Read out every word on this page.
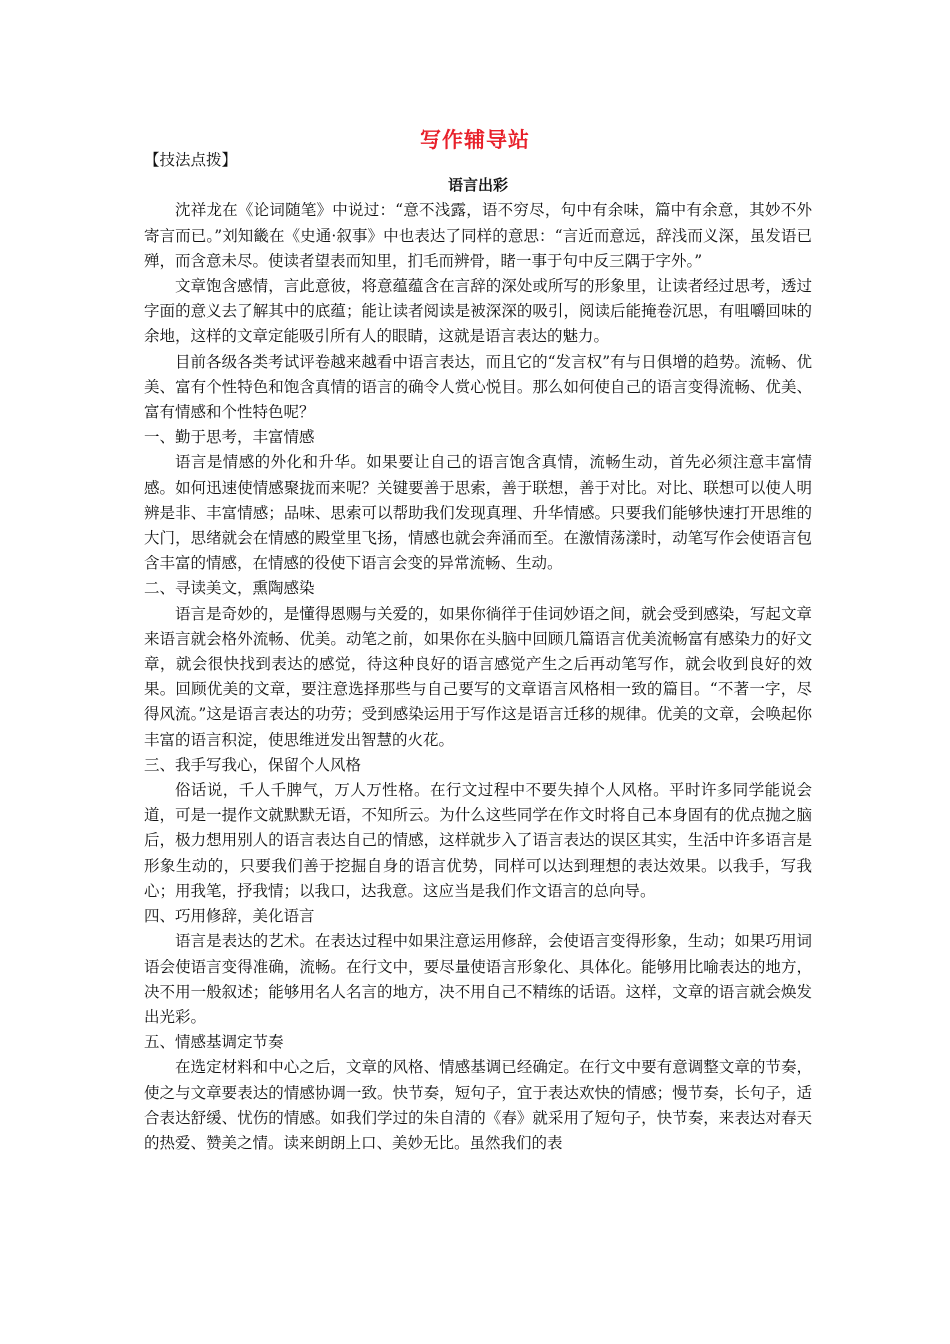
写作辅导站

【技法点拨】

语言出彩

沈祥龙在《论词随笔》中说过：“意不浅露，语不穷尽，句中有余味，篇中有余意，其妙不外寄言而已。”刘知畿在《史通·叙事》中也表达了同样的意思：“言近而意远，辞浅而义深，虽发语已殚，而含意未尽。使读者望表而知里，扪毛而辨骨，睹一事于句中反三隅于字外。”

文章饱含感情，言此意彼，将意蕴蕴含在言辞的深处或所写的形象里，让读者经过思考，透过字面的意义去了解其中的底蕴；能让读者阅读是被深深的吸引，阅读后能掩卷沉思，有咀嚼回味的余地，这样的文章定能吸引所有人的眼睛，这就是语言表达的魅力。

目前各级各类考试评卷越来越看中语言表达，而且它的“发言权”有与日俱增的趋势。流畅、优美、富有个性特色和饱含真情的语言的确令人赏心悦目。那么如何使自己的语言变得流畅、优美、富有情感和个性特色呢？

一、勤于思考，丰富情感

语言是情感的外化和升华。如果要让自己的语言饱含真情，流畅生动，首先必须注意丰富情感。如何迅速使情感聚拢而来呢？关键要善于思索，善于联想，善于对比。对比、联想可以使人明辨是非、丰富情感；品味、思索可以帮助我们发现真理、升华情感。只要我们能够快速打开思维的大门，思绪就会在情感的殿堂里飞扬，情感也就会奔涌而至。在激情荡漾时，动笔写作会使语言包含丰富的情感，在情感的役使下语言会变的异常流畅、生动。

二、寻读美文，熏陶感染

语言是奇妙的，是懂得恩赐与关爱的，如果你徜徉于佳词妙语之间，就会受到感染，写起文章来语言就会格外流畅、优美。动笔之前，如果你在头脑中回顾几篇语言优美流畅富有感染力的好文章，就会很快找到表达的感觉，待这种良好的语言感觉产生之后再动笔写作，就会收到良好的效果。回顾优美的文章，要注意选择那些与自己要写的文章语言风格相一致的篇目。“不著一字，尽得风流。”这是语言表达的功劳；受到感染运用于写作这是语言迁移的规律。优美的文章，会唤起你丰富的语言积淀，使思维迸发出智慧的火花。

三、我手写我心，保留个人风格

俗话说，千人千脾气，万人万性格。在行文过程中不要失掉个人风格。平时许多同学能说会道，可是一提作文就默默无语，不知所云。为什么这些同学在作文时将自己本身固有的优点抛之脑后，极力想用别人的语言表达自己的情感，这样就步入了语言表达的误区其实，生活中许多语言是形象生动的，只要我们善于挖掘自身的语言优势，同样可以达到理想的表达效果。以我手，写我心；用我笔，抒我情；以我口，达我意。这应当是我们作文语言的总向导。

四、巧用修辞，美化语言

语言是表达的艺术。在表达过程中如果注意运用修辞，会使语言变得形象，生动；如果巧用词语会使语言变得准确，流畅。在行文中，要尽量使语言形象化、具体化。能够用比喻表达的地方，决不用一般叙述；能够用名人名言的地方，决不用自己不精练的话语。这样，文章的语言就会焕发出光彩。

五、情感基调定节奏

在选定材料和中心之后，文章的风格、情感基调已经确定。在行文中要有意调整文章的节奏，使之与文章要表达的情感协调一致。快节奏，短句子，宜于表达欢快的情感；慢节奏，长句子，适合表达舒缓、忧伤的情感。如我们学过的朱自清的《春》就采用了短句子，快节奏，来表达对春天的热爱、赞美之情。读来朗朗上口、美妙无比。虽然我们的表
